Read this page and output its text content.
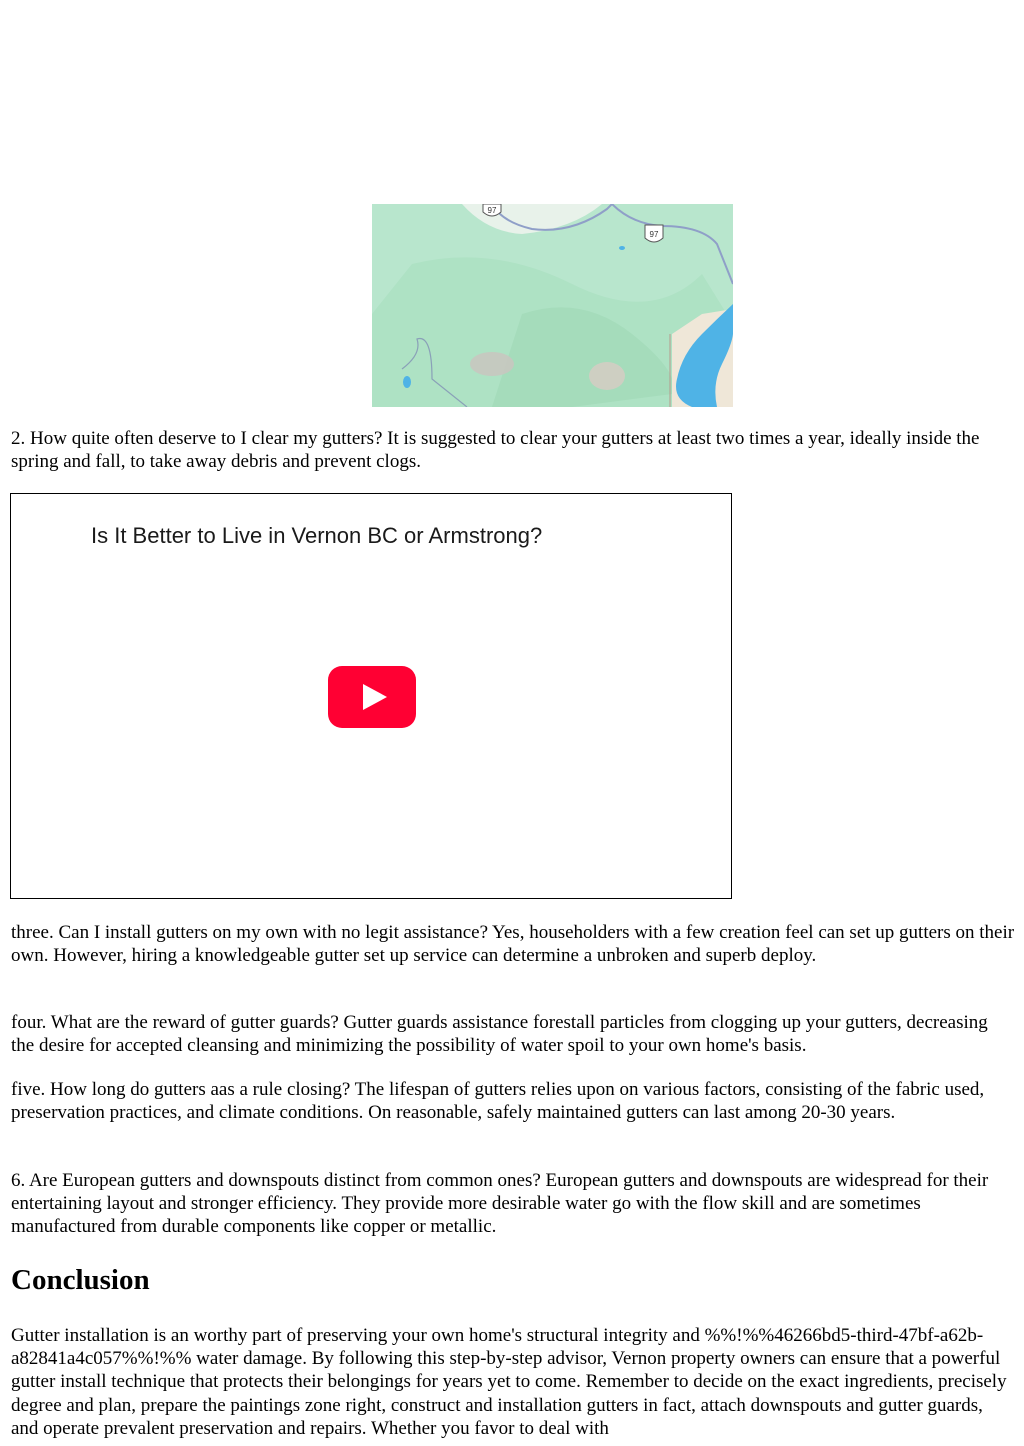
97
97

2. How quite often deserve to I clear my gutters? It is suggested to clear your gutters at least two times a year, ideally inside the spring and fall, to take away debris and prevent clogs.

Is It Better to Live in Vernon BC or Armstrong?

three. Can I install gutters on my own with no legit assistance? Yes, householders with a few creation feel can set up gutters on their own. However, hiring a knowledgeable gutter set up service can determine a unbroken and superb deploy.

four. What are the reward of gutter guards? Gutter guards assistance forestall particles from clogging up your gutters, decreasing the desire for accepted cleansing and minimizing the possibility of water spoil to your own home's basis.

five. How long do gutters aas a rule closing? The lifespan of gutters relies upon on various factors, consisting of the fabric used, preservation practices, and climate conditions. On reasonable, safely maintained gutters can last among 20-30 years.

6. Are European gutters and downspouts distinct from common ones? European gutters and downspouts are widespread for their entertaining layout and stronger efficiency. They provide more desirable water go with the flow skill and are sometimes manufactured from durable components like copper or metallic.

Conclusion

Gutter installation is an worthy part of preserving your own home's structural integrity and %%!%%46266bd5-third-47bf-a62b-a82841a4c057%%!%% water damage. By following this step-by-step advisor, Vernon property owners can ensure that a powerful gutter install technique that protects their belongings for years yet to come. Remember to decide on the exact ingredients, precisely degree and plan, prepare the paintings zone right, construct and installation gutters in fact, attach downspouts and gutter guards, and operate prevalent preservation and repairs. Whether you favor to deal with
